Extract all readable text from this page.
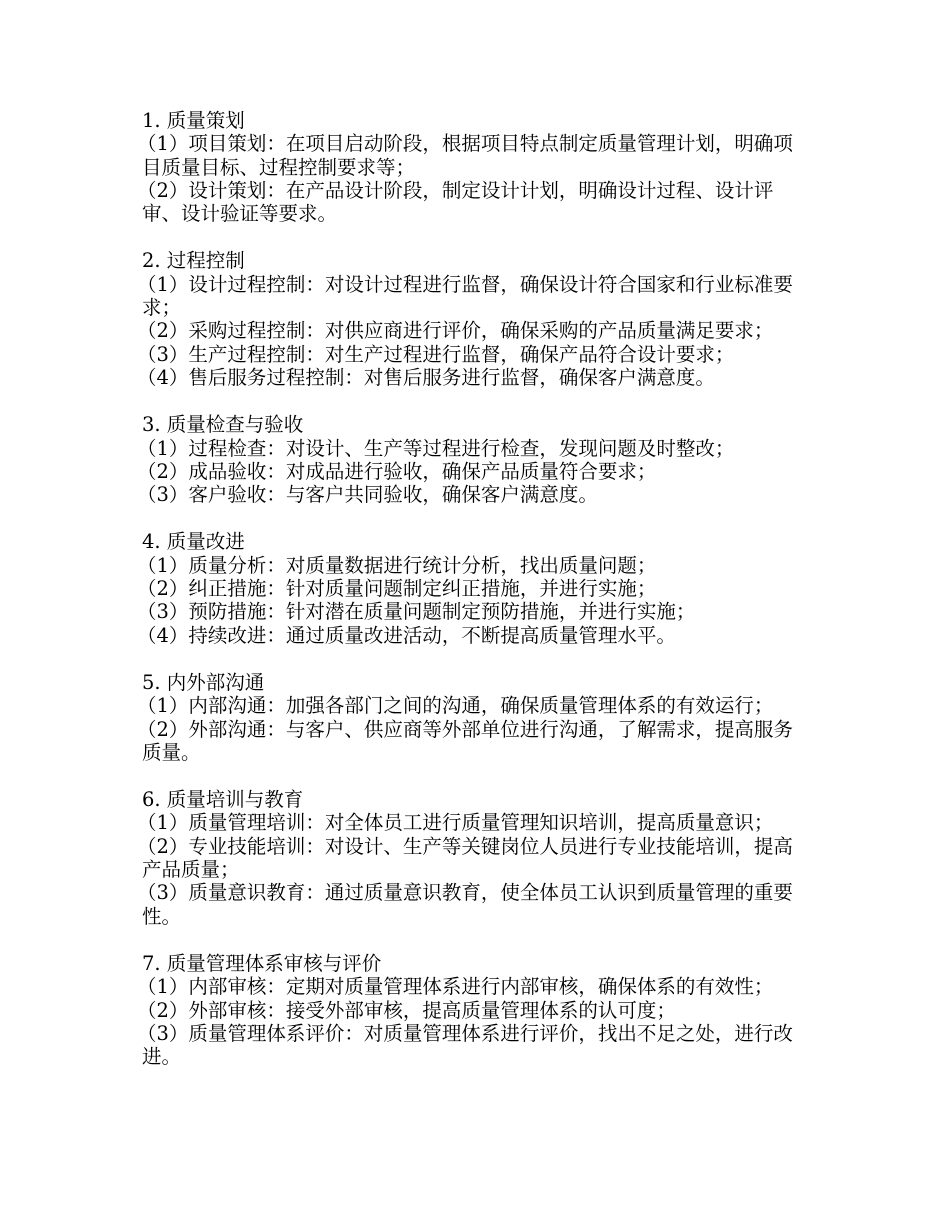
1. 质量策划
（1）项目策划：在项目启动阶段，根据项目特点制定质量管理计划，明确项目质量目标、过程控制要求等；
（2）设计策划：在产品设计阶段，制定设计计划，明确设计过程、设计评审、设计验证等要求。
2. 过程控制
（1）设计过程控制：对设计过程进行监督，确保设计符合国家和行业标准要求；
（2）采购过程控制：对供应商进行评价，确保采购的产品质量满足要求；
（3）生产过程控制：对生产过程进行监督，确保产品符合设计要求；
（4）售后服务过程控制：对售后服务进行监督，确保客户满意度。
3. 质量检查与验收
（1）过程检查：对设计、生产等过程进行检查，发现问题及时整改；
（2）成品验收：对成品进行验收，确保产品质量符合要求；
（3）客户验收：与客户共同验收，确保客户满意度。
4. 质量改进
（1）质量分析：对质量数据进行统计分析，找出质量问题；
（2）纠正措施：针对质量问题制定纠正措施，并进行实施；
（3）预防措施：针对潜在质量问题制定预防措施，并进行实施；
（4）持续改进：通过质量改进活动，不断提高质量管理水平。
5. 内外部沟通
（1）内部沟通：加强各部门之间的沟通，确保质量管理体系的有效运行；
（2）外部沟通：与客户、供应商等外部单位进行沟通，了解需求，提高服务质量。
6. 质量培训与教育
（1）质量管理培训：对全体员工进行质量管理知识培训，提高质量意识；
（2）专业技能培训：对设计、生产等关键岗位人员进行专业技能培训，提高产品质量；
（3）质量意识教育：通过质量意识教育，使全体员工认识到质量管理的重要性。
7. 质量管理体系审核与评价
（1）内部审核：定期对质量管理体系进行内部审核，确保体系的有效性；
（2）外部审核：接受外部审核，提高质量管理体系的认可度；
（3）质量管理体系评价：对质量管理体系进行评价，找出不足之处，进行改进。
